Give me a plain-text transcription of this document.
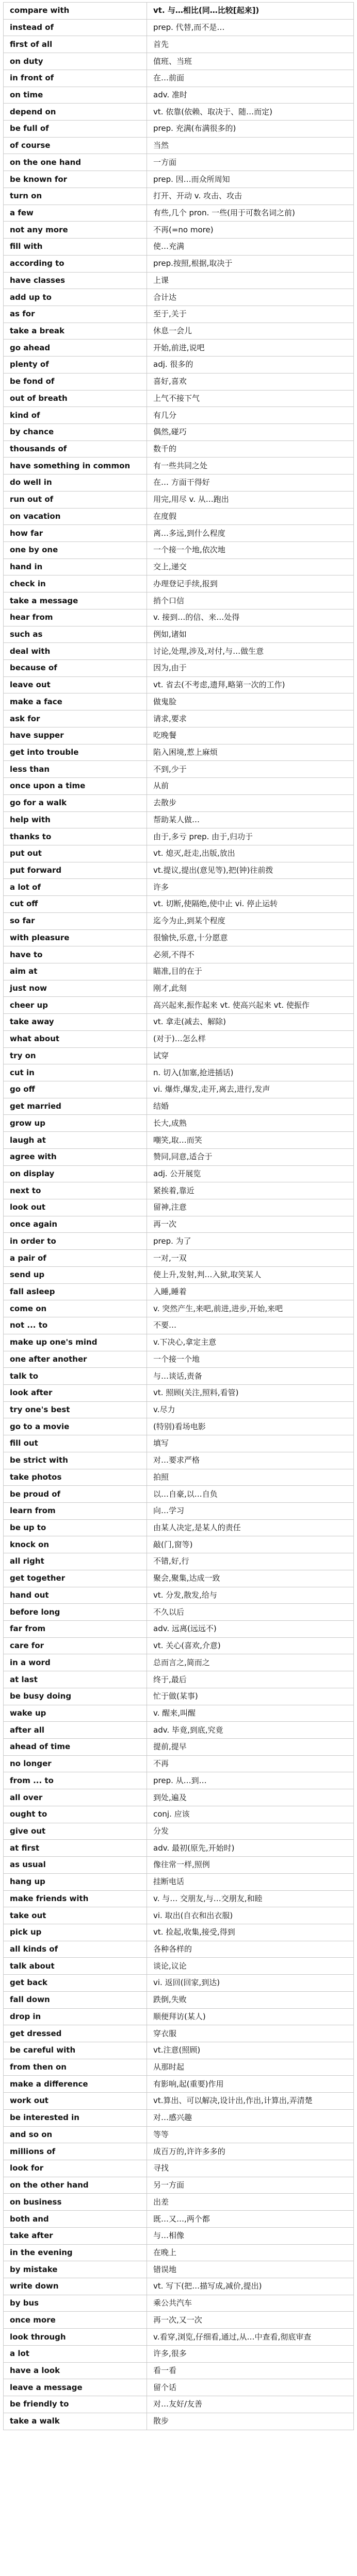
compare with	vt. 与…相比(同…比较[起来])
instead of	prep. 代替,而不是…
first of all	首先
on duty	值班、当班
in front of	在…前面
on time	adv. 准时
depend on	vt. 依靠(依赖、取决于、随…而定)
be full of	prep. 充满(布满很多的)
of course	当然
on the one hand	一方面
be known for	prep. 因…而众所周知
turn on	打开、开动 v. 攻击、攻击
a few	有些,几个 pron. 一些(用于可数名词之前)
not any more	不再(=no more)
fill with	使…充满
according to	prep.按照,根据,取决于
have classes	上课
add up to	合计达
as for	至于,关于
take a break	休息一会儿
go ahead	开始,前进,说吧
plenty of	adj. 很多的
be fond of	喜好,喜欢
out of breath	上气不接下气
kind of	有几分
by chance	偶然,碰巧
thousands of	数千的
have something in common	有一些共同之处
do well in	在… 方面干得好
run out of	用完,用尽 v. 从…跑出
on vacation	在度假
how far	离…多远,到什么程度
one by one	一个接一个地,依次地
hand in	交上,递交
check in	办理登记手续,报到
take a message	捎个口信
hear from	v. 接到…的信、来…处得
such as	例如,诸如
deal with	讨论,处理,涉及,对付,与…做生意
because of	因为,由于
leave out	vt. 省去(不考虑,遗拜,略第一次的工作)
make a face	做鬼脸
ask for	请求,要求
have supper	吃晚餐
get into trouble	陷入困境,惹上麻烦
less than	不到,少于
once upon a time	从前
go for a walk	去散步
help with	帮助某人做…
thanks to	由于,多亏 prep. 由于,归功于
put out	vt. 熄灭,赶走,出版,放出
put forward	vt.提议,提出(意见等),把(钟)往前拨
a lot of	许多
cut off	vt. 切断,使隔绝,使中止 vi. 停止运转
so far	迄今为止,到某个程度
with pleasure	很愉快,乐意,十分愿意
have to	必须,不得不
aim at	瞄准,目的在于
just now	刚才,此刻
cheer up	高兴起来,振作起来 vt. 使高兴起来 vt. 使振作
take away	vt. 拿走(减去、解除)
what about	(对于)…怎么样
try on	试穿
cut in	n. 切入(加塞,抢进插话)
go off	vi. 爆炸,爆发,走开,离去,进行,发声
get married	结婚
grow up	长大,成熟
laugh at	嘲笑,取…而笑
agree with	赞同,同意,适合于
on display	adj. 公开展览
next to	紧挨着,靠近
look out	留神,注意
once again	再一次
in order to	prep. 为了
a pair of	一对,一双
send up	使上升,发射,判…入狱,取笑某人
fall asleep	入睡,睡着
come on	v. 突然产生,来吧,前进,进步,开始,来吧
not ... to	不要…
make up one's mind	v.下决心,拿定主意
one after another	一个接一个地
talk to	与…谈话,责备
look after	vt. 照顾(关注,照料,看管)
try one's best	v.尽力
go to a movie	(特别)看场电影
fill out	填写
be strict with	对…要求严格
take photos	拍照
be proud of	以…自豪,以…自负
learn from	向…学习
be up to	由某人决定,是某人的责任
knock on	敲(门,窗等)
all right	不错,好,行
get together	聚会,聚集,达成一致
hand out	vt. 分发,散发,给与
before long	不久以后
far from	adv. 远离(远远不)
care for	vt. 关心(喜欢,介意)
in a word	总而言之,简而之
at last	终于,最后
be busy doing	忙于做(某事)
wake up	v. 醒来,叫醒
after all	adv. 毕竟,到底,究竟
ahead of time	提前,提早
no longer	不再
from ... to	prep. 从…到…
all over	到处,遍及
ought to	conj. 应该
give out	分发
at first	adv. 最初(原先,开始时)
as usual	像往常一样,照例
hang up	挂断电话
make friends with	v. 与… 交朋友,与…交朋友,和睦
take out	vi. 取出(自衣和出衣服)
pick up	vt. 捡起,收集,接受,得到
all kinds of	各种各样的
talk about	谈论,议论
get back	vi. 返回(回家,到达)
fall down	跌倒,失败
drop in	顺便拜访(某人)
get dressed	穿衣服
be careful with	vt.注意(照顾)
from then on	从那时起
make a difference	有影响,起(重要)作用
work out	vt.算出、可以解决,设计出,作出,计算出,弄清楚
be interested in	对…感兴趣
and so on	等等
millions of	成百万的,许许多多的
look for	寻找
on the other hand	另一方面
on business	出差
both and	既…又…,两个都
take after	与…相像
in the evening	在晚上
by mistake	错误地
write down	vt. 写下(把…描写成,减价,提出)
by bus	乘公共汽车
once more	再一次,又一次
look through	v.看穿,浏览,仔细看,通过,从…中查看,彻底审查
a lot	许多,很多
have a look	看一看
leave a message	留个话
be friendly to	对…友好/友善
take a walk	散步
